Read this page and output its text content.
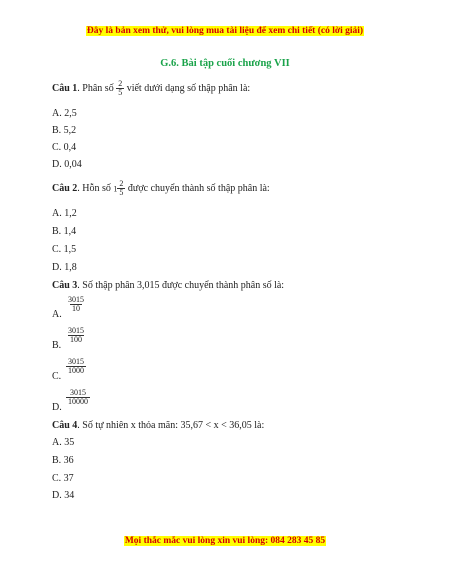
Đây là bản xem thử, vui lòng mua tài liệu để xem chi tiết (có lời giải)
G.6. Bài tập cuối chương VII
Câu 1. Phân số $\frac{2}{5}$ viết dưới dạng số thập phân là:
A. 2,5
B. 5,2
C. 0,4
D. 0,04
Câu 2. Hỗn số $1 \frac{2}{5}$ được chuyển thành số thập phân là:
A. 1,2
B. 1,4
C. 1,5
D. 1,8
Câu 3. Số thập phân 3,015 được chuyển thành phân số là:
A.
$\frac{3015}{10}$
B.
$\frac{3015}{100}$
C.
$\frac{3015}{1000}$
D.
$\frac{3015}{10000}$
Câu 4. Số tự nhiên x thỏa mãn: 35,67 < x < 36,05 là:
A. 35
B. 36
C. 37
D. 34
Mọi thắc mắc vui lòng xin vui lòng: 084 283 45 85
